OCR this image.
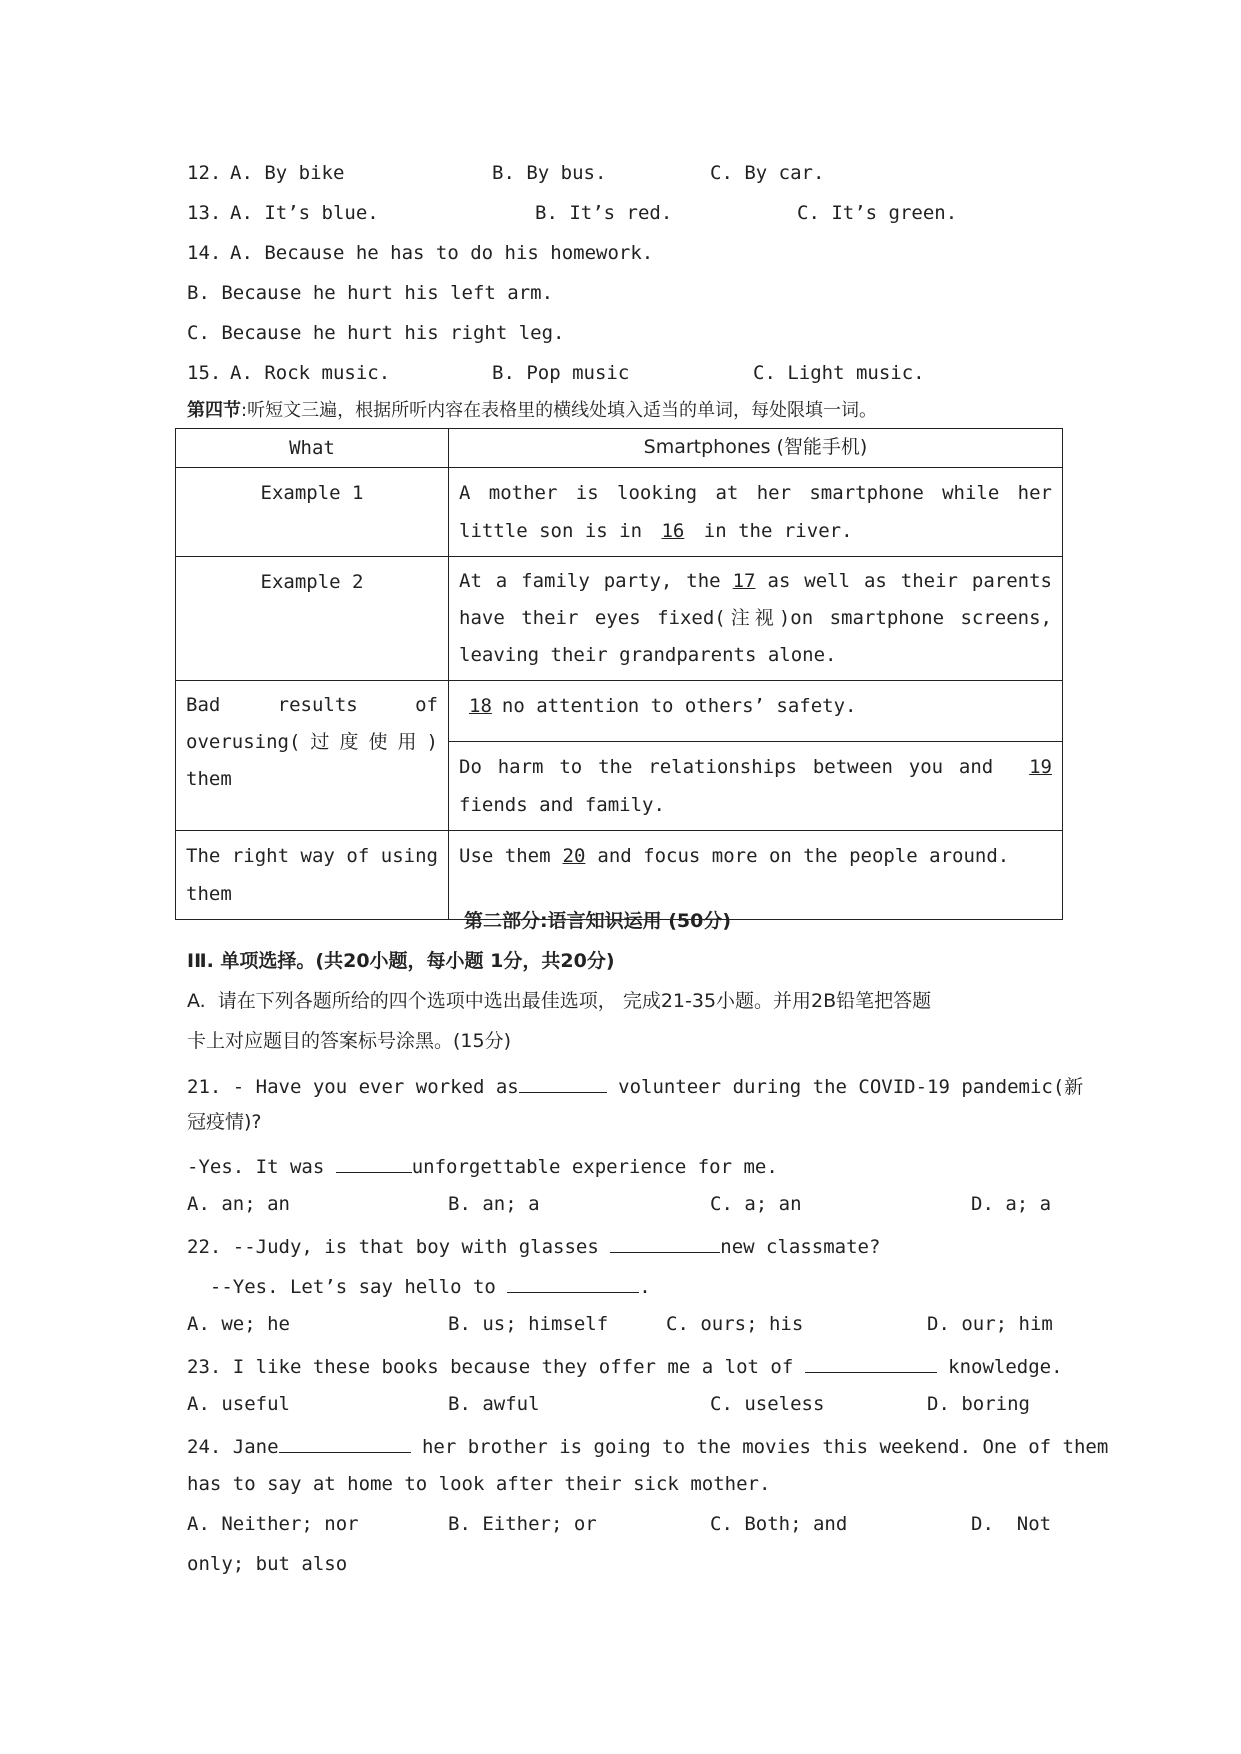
12. A. By bike	B. By bus.	C. By car.
13. A. It’s blue.	B. It’s red.	C. It’s green.
14. A. Because he has to do his homework.
B. Because he hurt his left arm.
C. Because he hurt his right leg.
15. A. Rock music.	B. Pop music	C. Light music.
第四节:听短文三遍，根据所听内容在表格里的横线处填入适当的单词，每处限填一词。
What	Smartphones (智能手机)
Example 1	A mother is looking at her smartphone while her little son is in 16 in the river.
Example 2	At a family party, the 17 as well as their parents have their eyes fixed(注视)on smartphone screens, leaving their grandparents alone.
Bad results of overusing(过度使用) them	18 no attention to others’ safety.
	Do harm to the relationships between you and 19 fiends and family.
The right way of using them	Use them 20 and focus more on the people around.
第二部分:语言知识运用 (50分)
ⅠⅡ. 单项选择。(共20小题，每小题 1分，共20分)
A.  请在下列各题所给的四个选项中选出最佳选项， 完成21-35小题。并用2B铅笔把答题
卡上对应题目的答案标号涂黑。(15分)
21. - Have you ever worked as	volunteer during the COVID-19 pandemic(新
冠疫情)?
-Yes. It was	unforgettable experience for me.
A. an; an	B. an; a	C. a; an	D. a; a
22. --Judy, is that boy with glasses	new classmate?
--Yes. Let’s say hello to	.
A. we; he	B. us; himself	C. ours; his	D. our; him
23. I like these books because they offer me a lot of	knowledge.
A. useful	B. awful	C. useless	D. boring
24. Jane	her brother is going to the movies this weekend. One of them
has to say at home to look after their sick mother.
A. Neither; nor	B. Either; or	C. Both; and	D.  Not
only; but also
